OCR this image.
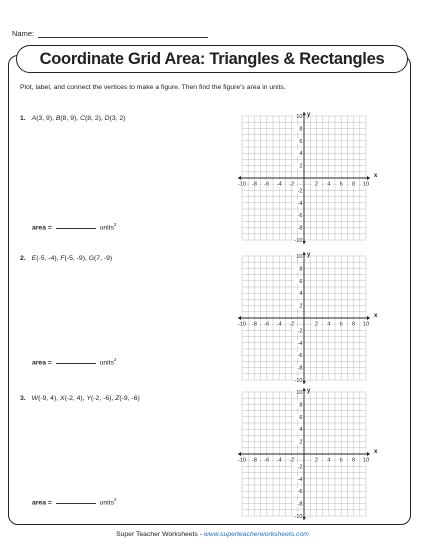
Name:
Coordinate Grid Area: Triangles & Rectangles
Plot, label, and connect the vertices to make a figure. Then find the figure's area in units.
1. A(3, 9), B(8, 9), C(8, 2), D(3, 2)
area =	units$^2$
x
y
-10 -8 -6 -4 -2	2 4 6 8 10
10
8
6
4
2
-2
-4
-6
-8
-10
2. E(-5, -4), F(-5, -9), G(7, -9)
area =	units$^2$
x
y
-10 -8 -6 -4 -2	2 4 6 8 10
10
8
6
4
2
-2
-4
-6
-8
-10
3. W(-9, 4), X(-2, 4), Y(-2, -6), Z(-9, -6)
area =	units$^2$
x
y
-10 -8 -6 -4 -2	2 4 6 8 10
10
8
6
4
2
-2
-4
-6
-8
-10
Super Teacher Worksheets - www.superteacherworksheets.com
